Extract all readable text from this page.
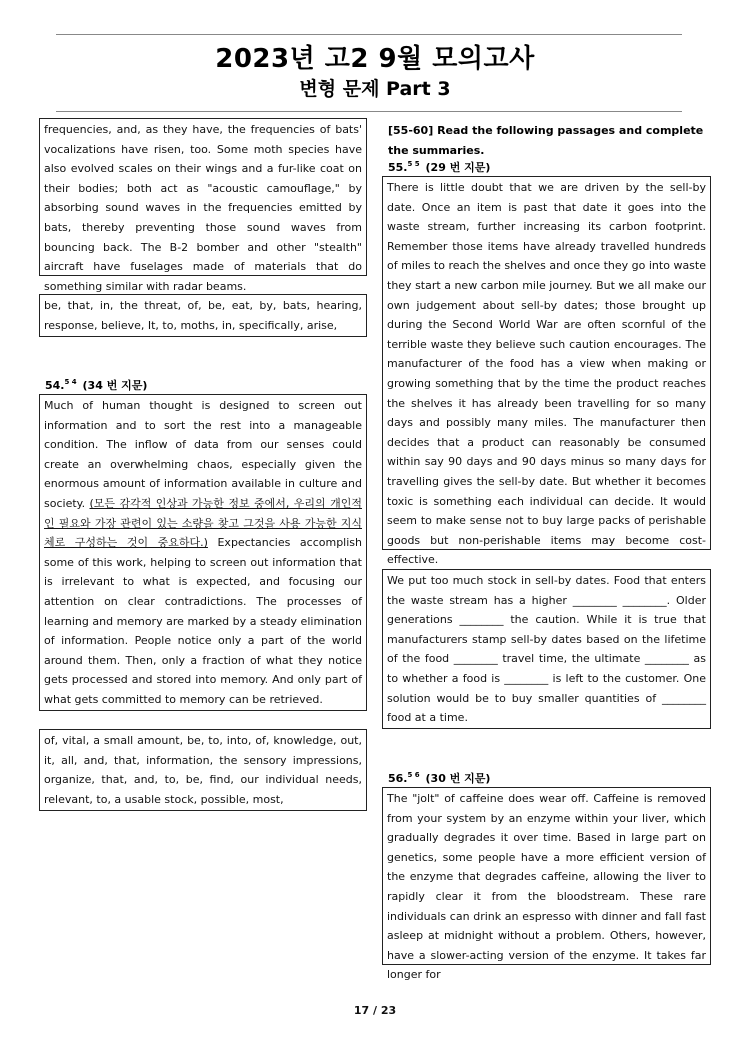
2023년 고2 9월 모의고사
변형 문제 Part 3
frequencies, and, as they have, the frequencies of bats' vocalizations have risen, too. Some moth species have also evolved scales on their wings and a fur-like coat on their bodies; both act as "acoustic camouflage," by absorbing sound waves in the frequencies emitted by bats, thereby preventing those sound waves from bouncing back. The B-2 bomber and other "stealth" aircraft have fuselages made of materials that do something similar with radar beams.
be, that, in, the threat, of, be, eat, by, bats, hearing, response, believe, It, to, moths, in, specifically, arise,
54.$^{5 4}$ (34 번 지문)
Much of human thought is designed to screen out information and to sort the rest into a manageable condition. The inflow of data from our senses could create an overwhelming chaos, especially given the enormous amount of information available in culture and society. (모든 감각적 인상과 가능한 정보 중에서, 우리의 개인적인 필요와 가장 관련이 있는 소량을 찾고 그것을 사용 가능한 지식체로 구성하는 것이 중요하다.) Expectancies accomplish some of this work, helping to screen out information that is irrelevant to what is expected, and focusing our attention on clear contradictions. The processes of learning and memory are marked by a steady elimination of information. People notice only a part of the world around them. Then, only a fraction of what they notice gets processed and stored into memory. And only part of what gets committed to memory can be retrieved.
of, vital, a small amount, be, to, into, of, knowledge, out, it, all, and, that, information, the sensory impressions, organize, that, and, to, be, find, our individual needs, relevant, to, a usable stock, possible, most,
[55-60] Read the following passages and complete the summaries.
55.$^{5 5}$ (29 번 지문)
There is little doubt that we are driven by the sell-by date. Once an item is past that date it goes into the waste stream, further increasing its carbon footprint. Remember those items have already travelled hundreds of miles to reach the shelves and once they go into waste they start a new carbon mile journey. But we all make our own judgement about sell-by dates; those brought up during the Second World War are often scornful of the terrible waste they believe such caution encourages. The manufacturer of the food has a view when making or growing something that by the time the product reaches the shelves it has already been travelling for so many days and possibly many miles. The manufacturer then decides that a product can reasonably be consumed within say 90 days and 90 days minus so many days for travelling gives the sell-by date. But whether it becomes toxic is something each individual can decide. It would seem to make sense not to buy large packs of perishable goods but non-perishable items may become cost-effective.
We put too much stock in sell-by dates. Food that enters the waste stream has a higher ________ ________. Older generations ________ the caution. While it is true that manufacturers stamp sell-by dates based on the lifetime of the food ________ travel time, the ultimate ________ as to whether a food is ________ is left to the customer. One solution would be to buy smaller quantities of ________ food at a time.
56.$^{5 6}$ (30 번 지문)
The "jolt" of caffeine does wear off. Caffeine is removed from your system by an enzyme within your liver, which gradually degrades it over time. Based in large part on genetics, some people have a more efficient version of the enzyme that degrades caffeine, allowing the liver to rapidly clear it from the bloodstream. These rare individuals can drink an espresso with dinner and fall fast asleep at midnight without a problem. Others, however, have a slower-acting version of the enzyme. It takes far longer for
17 / 23
